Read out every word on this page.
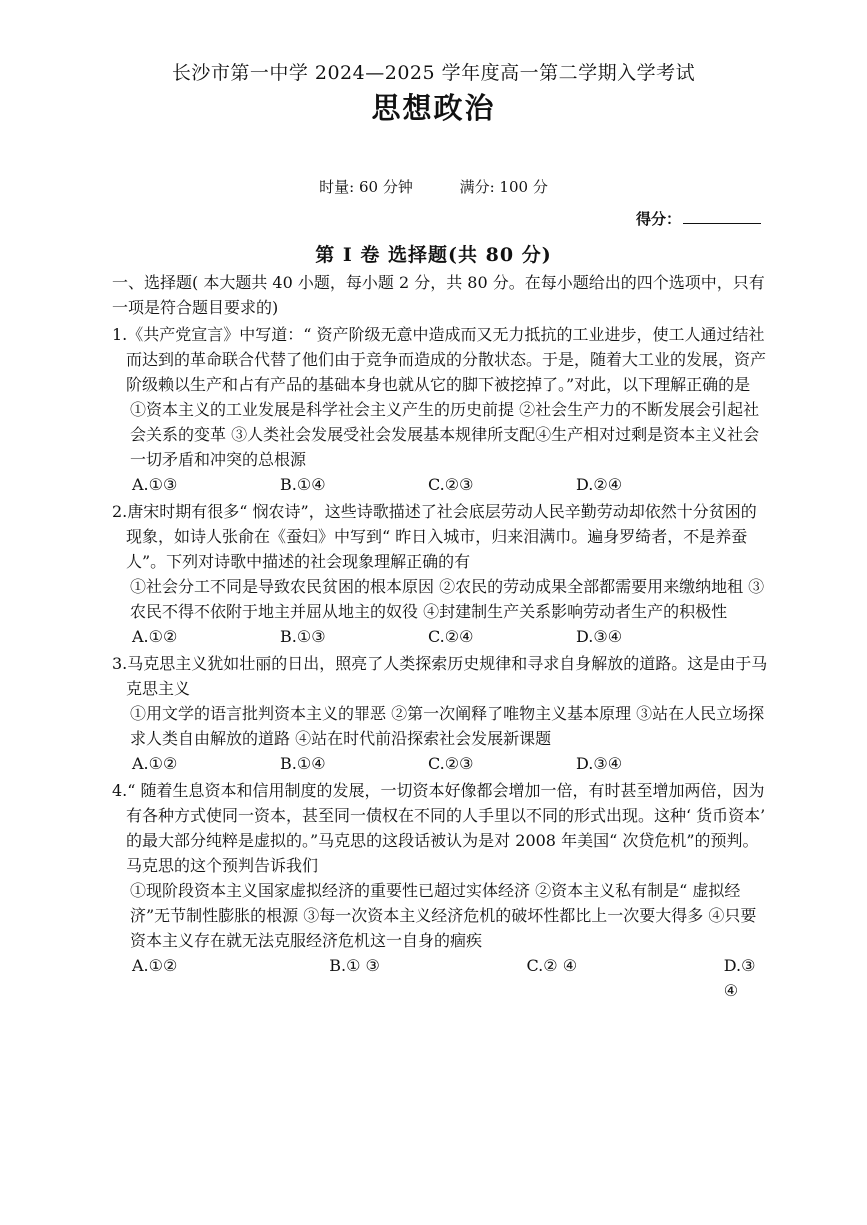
长沙市第一中学 2024—2025 学年度高一第二学期入学考试
思想政治
时量: 60 分钟	满分: 100 分
得分：
第 Ⅰ 卷 选择题(共 80 分)

一、选择题( 本大题共 40 小题，每小题 2 分，共 80 分。在每小题给出的四个选项中，只有一项是符合题目要求的)

1.《共产党宣言》中写道：“ 资产阶级无意中造成而又无力抵抗的工业进步，使工人通过结社而达到的革命联合代替了他们由于竞争而造成的分散状态。于是，随着大工业的发展，资产阶级赖以生产和占有产品的基础本身也就从它的脚下被挖掉了。”对此，以下理解正确的是

①资本主义的工业发展是科学社会主义产生的历史前提 ②社会生产力的不断发展会引起社会关系的变革 ③人类社会发展受社会发展基本规律所支配④生产相对过剩是资本主义社会一切矛盾和冲突的总根源

A.①③	B.①④	C.②③	D.②④

2.唐宋时期有很多“ 悯农诗”，这些诗歌描述了社会底层劳动人民辛勤劳动却依然十分贫困的现象，如诗人张俞在《蚕妇》中写到“ 昨日入城市，归来泪满巾。遍身罗绮者，不是养蚕人”。下列对诗歌中描述的社会现象理解正确的有

①社会分工不同是导致农民贫困的根本原因 ②农民的劳动成果全部都需要用来缴纳地租 ③农民不得不依附于地主并屈从地主的奴役 ④封建制生产关系影响劳动者生产的积极性

A.①②	B.①③	C.②④	D.③④

3.马克思主义犹如壮丽的日出，照亮了人类探索历史规律和寻求自身解放的道路。这是由于马克思主义

①用文学的语言批判资本主义的罪恶 ②第一次阐释了唯物主义基本原理 ③站在人民立场探求人类自由解放的道路 ④站在时代前沿探索社会发展新课题

A.①②	B.①④	C.②③	D.③④

4.“ 随着生息资本和信用制度的发展，一切资本好像都会增加一倍，有时甚至增加两倍，因为有各种方式使同一资本，甚至同一债权在不同的人手里以不同的形式出现。这种‘ 货币资本’ 的最大部分纯粹是虚拟的。”马克思的这段话被认为是对 2008 年美国“ 次贷危机”的预判。马克思的这个预判告诉我们

①现阶段资本主义国家虚拟经济的重要性已超过实体经济 ②资本主义私有制是“ 虚拟经济”无节制性膨胀的根源 ③每一次资本主义经济危机的破坏性都比上一次要大得多 ④只要资本主义存在就无法克服经济危机这一自身的痼疾

A.①②	B.① ③	C.② ④	D.③ ④
